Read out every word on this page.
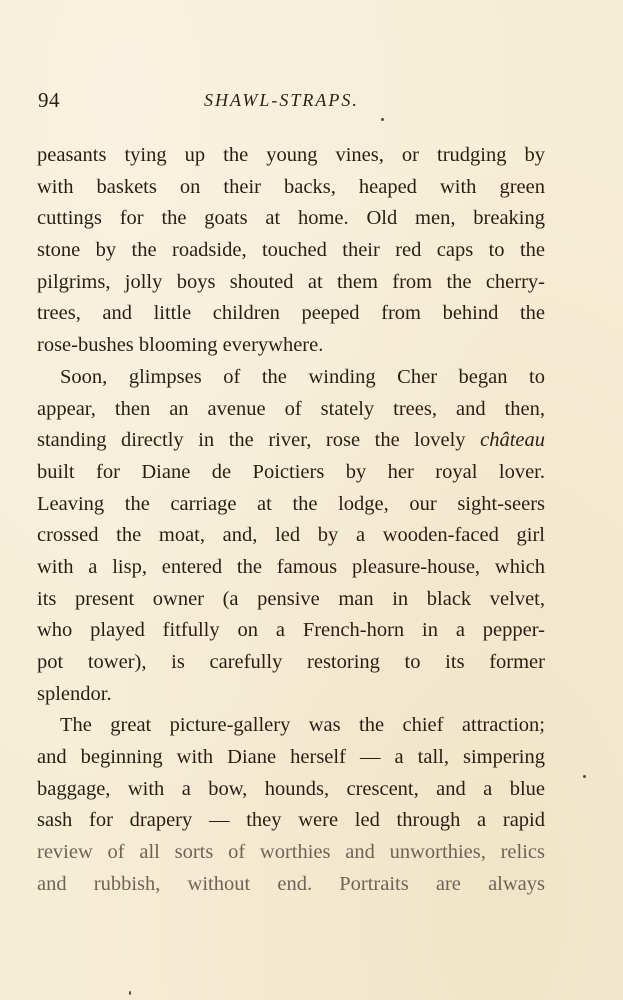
94	SHAWL-STRAPS.
peasants tying up the young vines, or trudging by
with baskets on their backs, heaped with green
cuttings for the goats at home. Old men, breaking
stone by the roadside, touched their red caps to the
pilgrims, jolly boys shouted at them from the cherry-
trees, and little children peeped from behind the
rose-bushes blooming everywhere.
Soon, glimpses of the winding Cher began to
appear, then an avenue of stately trees, and then,
standing directly in the river, rose the lovely château
built for Diane de Poictiers by her royal lover.
Leaving the carriage at the lodge, our sight-seers
crossed the moat, and, led by a wooden-faced girl
with a lisp, entered the famous pleasure-house, which
its present owner (a pensive man in black velvet,
who played fitfully on a French-horn in a pepper-
pot tower), is carefully restoring to its former
splendor.
The great picture-gallery was the chief attraction;
and beginning with Diane herself — a tall, simpering
baggage, with a bow, hounds, crescent, and a blue
sash for drapery — they were led through a rapid
review of all sorts of worthies and unworthies, relics
and rubbish, without end. Portraits are always
